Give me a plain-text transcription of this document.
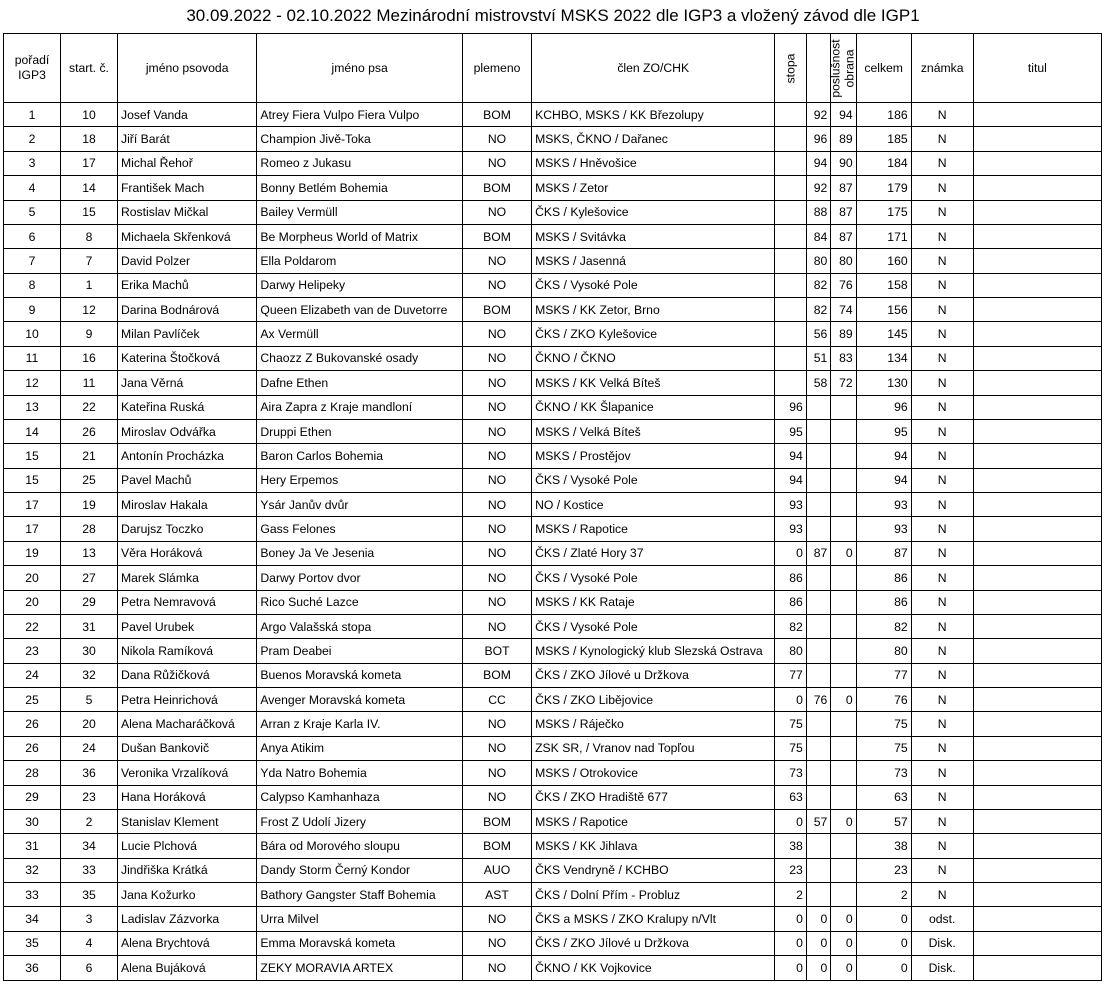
30.09.2022 - 02.10.2022 Mezinárodní mistrovství MSKS 2022 dle IGP3 a vložený závod dle IGP1
pořadí IGP3	start. č.	jméno psovoda	jméno psa	plemeno	člen ZO/CHK	stopa	poslušnost	obrana	celkem	známka	titul
1	10	Josef Vanda	Atrey Fiera Vulpo Fiera Vulpo	BOM	KCHBO, MSKS / KK Březolupy		92	94	186	N	
2	18	Jiří Barát	Champion Jivě-Toka	NO	MSKS, ČKNO / Dařanec		96	89	185	N	
3	17	Michal Řehoř	Romeo z Jukasu	NO	MSKS / Hněvošice		94	90	184	N	
4	14	František Mach	Bonny Betlém Bohemia	BOM	MSKS / Zetor		92	87	179	N	
5	15	Rostislav Mičkal	Bailey Vermüll	NO	ČKS / Kylešovice		88	87	175	N	
6	8	Michaela Skřenková	Be Morpheus World of Matrix	BOM	MSKS / Svitávka		84	87	171	N	
7	7	David Polzer	Ella Poldarom	NO	MSKS / Jasenná		80	80	160	N	
8	1	Erika Machů	Darwy Helipeky	NO	ČKS / Vysoké Pole		82	76	158	N	
9	12	Darina Bodnárová	Queen Elizabeth van de Duvetorre	BOM	MSKS / KK Zetor, Brno		82	74	156	N	
10	9	Milan Pavlíček	Ax Vermüll	NO	ČKS / ZKO Kylešovice		56	89	145	N	
11	16	Katerina Štočková	Chaozz Z Bukovanské osady	NO	ČKNO / ČKNO		51	83	134	N	
12	11	Jana Věrná	Dafne Ethen	NO	MSKS / KK Velká Bíteš		58	72	130	N	
13	22	Kateřina Ruská	Aira Zapra z Kraje mandloní	NO	ČKNO / KK Šlapanice	96			96	N	
14	26	Miroslav Odvářka	Druppi Ethen	NO	MSKS / Velká Bíteš	95			95	N	
15	21	Antonín Procházka	Baron Carlos Bohemia	NO	MSKS / Prostějov	94			94	N	
15	25	Pavel Machů	Hery Erpemos	NO	ČKS / Vysoké Pole	94			94	N	
17	19	Miroslav Hakala	Ysár Janův dvůr	NO	NO / Kostice	93			93	N	
17	28	Darujsz Toczko	Gass Felones	NO	MSKS / Rapotice	93			93	N	
19	13	Věra Horáková	Boney Ja Ve Jesenia	NO	ČKS / Zlaté Hory 37	0	87	0	87	N	
20	27	Marek Slámka	Darwy Portov dvor	NO	ČKS / Vysoké Pole	86			86	N	
20	29	Petra Nemravová	Rico Suché Lazce	NO	MSKS / KK Rataje	86			86	N	
22	31	Pavel Urubek	Argo Valašská stopa	NO	ČKS / Vysoké Pole	82			82	N	
23	30	Nikola Ramíková	Pram Deabei	BOT	MSKS / Kynologický klub Slezská Ostrava	80			80	N	
24	32	Dana Růžičková	Buenos Moravská kometa	BOM	ČKS / ZKO Jílové u Držkova	77			77	N	
25	5	Petra Heinrichová	Avenger Moravská kometa	CC	ČKS / ZKO Liběјovice	0	76	0	76	N	
26	20	Alena Macharáčková	Arran z Kraje Karla IV.	NO	MSKS / Ráječko	75			75	N	
26	24	Dušan Bankovič	Anya Atikim	NO	ZSK SR, / Vranov nad Topľou	75			75	N	
28	36	Veronika Vrzalíková	Yda Natro Bohemia	NO	MSKS / Otrokovice	73			73	N	
29	23	Hana Horáková	Calypso Kamhanhaza	NO	ČKS / ZKO Hradiště 677	63			63	N	
30	2	Stanislav Klement	Frost Z Udolí Jizery	BOM	MSKS / Rapotice	0	57	0	57	N	
31	34	Lucie Plchová	Bára od Morového sloupu	BOM	MSKS / KK Jihlava	38			38	N	
32	33	Jindřiška Krátká	Dandy Storm Černý Kondor	AUO	ČKS Vendryně / KCHBO	23			23	N	
33	35	Jana Kožurko	Bathory Gangster Staff Bohemia	AST	ČKS / Dolní Přím - Probluz	2			2	N	
34	3	Ladislav Zázvorka	Urra Milvel	NO	ČKS a MSKS / ZKO Kralupy n/Vlt	0	0	0	0	odst.	
35	4	Alena Brychtová	Emma Moravská kometa	NO	ČKS / ZKO Jílové u Držkova	0	0	0	0	Disk.	
36	6	Alena Bujáková	ZEKY MORAVIA ARTEX	NO	ČKNO / KK Vojkovice	0	0	0	0	Disk.	
